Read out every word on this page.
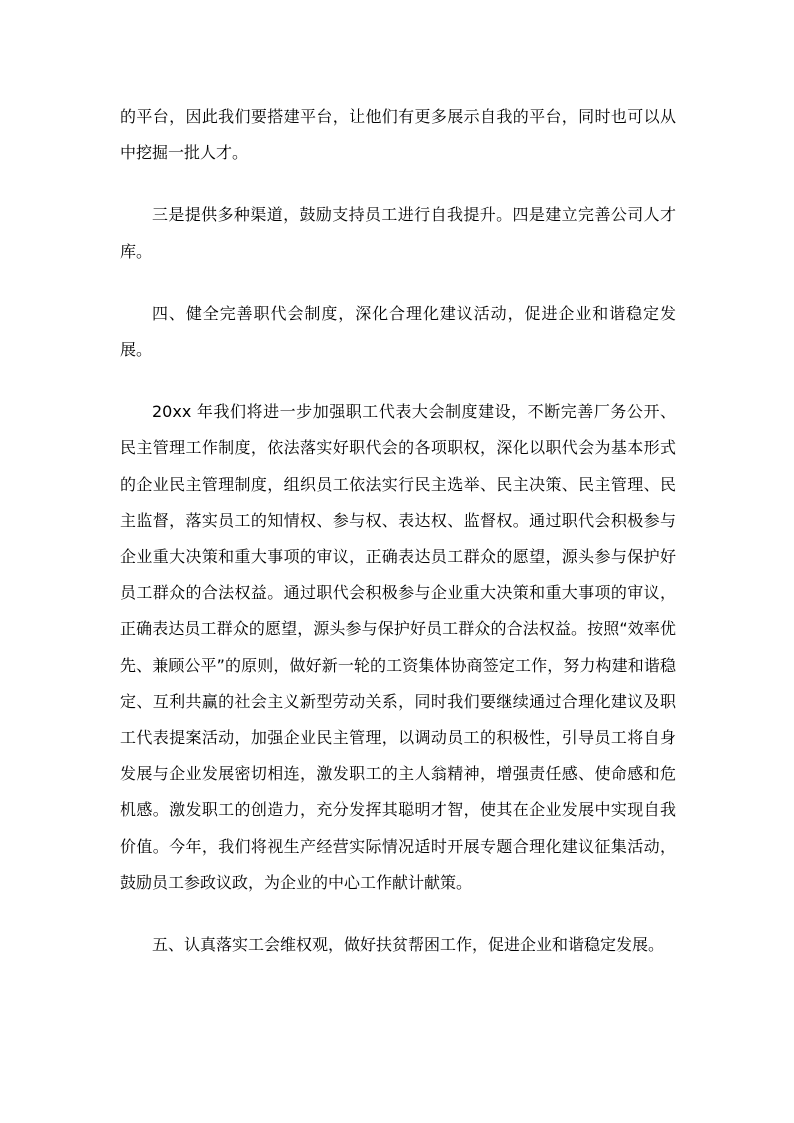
的平台，因此我们要搭建平台，让他们有更多展示自我的平台，同时也可以从中挖掘一批人才。

三是提供多种渠道，鼓励支持员工进行自我提升。四是建立完善公司人才库。

四、健全完善职代会制度，深化合理化建议活动，促进企业和谐稳定发展。

20xx 年我们将进一步加强职工代表大会制度建设，不断完善厂务公开、民主管理工作制度，依法落实好职代会的各项职权，深化以职代会为基本形式的企业民主管理制度，组织员工依法实行民主选举、民主决策、民主管理、民主监督，落实员工的知情权、参与权、表达权、监督权。通过职代会积极参与企业重大决策和重大事项的审议，正确表达员工群众的愿望，源头参与保护好员工群众的合法权益。通过职代会积极参与企业重大决策和重大事项的审议，正确表达员工群众的愿望，源头参与保护好员工群众的合法权益。按照“效率优先、兼顾公平”的原则，做好新一轮的工资集体协商签定工作，努力构建和谐稳定、互利共赢的社会主义新型劳动关系，同时我们要继续通过合理化建议及职工代表提案活动，加强企业民主管理，以调动员工的积极性，引导员工将自身发展与企业发展密切相连，激发职工的主人翁精神，增强责任感、使命感和危机感。激发职工的创造力，充分发挥其聪明才智，使其在企业发展中实现自我价值。今年，我们将视生产经营实际情况适时开展专题合理化建议征集活动，鼓励员工参政议政，为企业的中心工作献计献策。

五、认真落实工会维权观，做好扶贫帮困工作，促进企业和谐稳定发展。
